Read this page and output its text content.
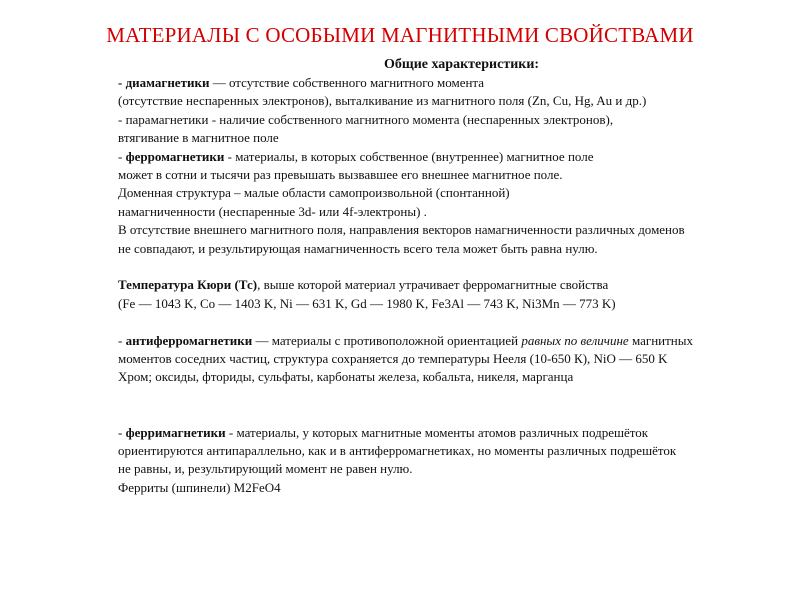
МАТЕРИАЛЫ С ОСОБЫМИ МАГНИТНЫМИ СВОЙСТВАМИ
Общие характеристики:
- диамагнетики — отсутствие собственного магнитного момента
(отсутствие неспаренных электронов), выталкивание из магнитного поля (Zn, Cu, Hg, Au и др.)
- парамагнетики - наличие собственного магнитного момента (неспаренных электронов),
втягивание в магнитное поле
- ферромагнетики - материалы, в которых собственное (внутреннее) магнитное поле
может в сотни и тысячи раз превышать вызвавшее его внешнее магнитное поле.
Доменная структура – малые области самопроизвольной (спонтанной)
намагниченности (неспаренные 3d- или 4f-электроны) .
В отсутствие внешнего магнитного поля, направления векторов намагниченности различных доменов
не совпадают, и результирующая намагниченность всего тела может быть равна нулю.
Температура Кюри (Тс), выше которой материал утрачивает ферромагнитные свойства
(Fe — 1043 K, Co — 1403 K, Ni — 631 K, Gd — 1980 K, Fe3Al — 743 K, Ni3Mn — 773 K)
- антиферромагнетики — материалы с противоположной ориентацией равных по величине магнитных
моментов соседних частиц, структура сохраняется до температуры Нееля (10-650 К), NiO — 650 K
Хром; оксиды, фториды, сульфаты, карбонаты железа, кобальта, никеля, марганца
- ферримагнетики - материалы, у которых магнитные моменты атомов различных подрешёток
ориентируются антипараллельно, как и в антиферромагнетиках, но моменты различных подрешёток
не равны, и, результирующий момент не равен нулю.
Ферриты (шпинели) M2FeO4
